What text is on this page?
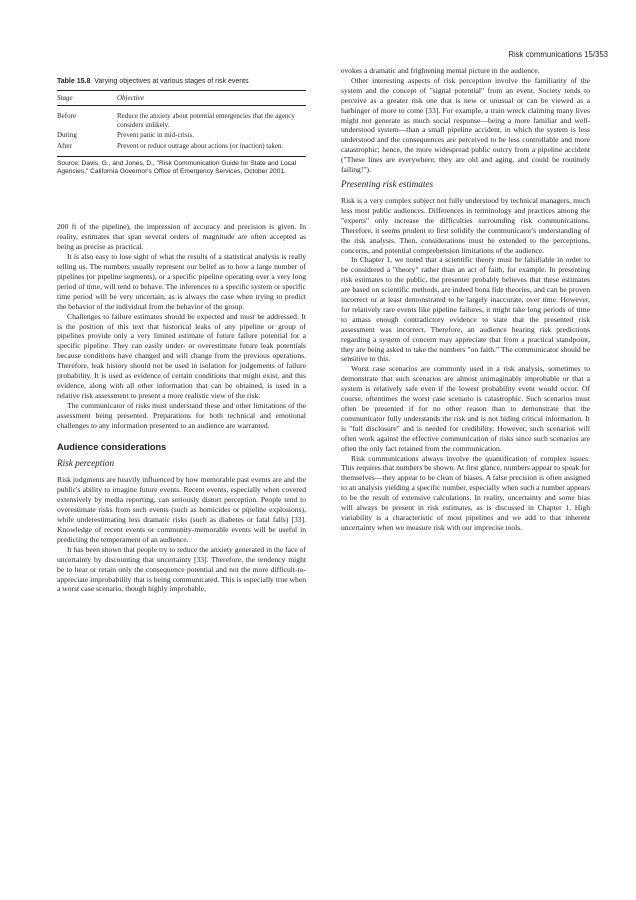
Risk communications 15/353
Table 15.8 Varying objectives at various stages of risk events
Stage	Objective
Before	Reduce the anxiety about potential emergencies that the agency considers unlikely.
During	Prevent panic in mid-crisis.
After	Prevent or reduce outrage about actions (or inaction) taken.
Source: Davis, G., and Jones, D., "Risk Communication Guide for State and Local Agencies," California Governor's Office of Emergency Services, October 2001.

200 ft of the pipeline), the impression of accuracy and precision is given. In reality, estimates that span several orders of magnitude are often accepted as being as precise as practical.

It is also easy to lose sight of what the results of a statistical analysis is really telling us. The numbers usually represent our belief as to how a large number of pipelines (or pipeline segments), or a specific pipeline operating over a very long period of time, will tend to behave. The inferences to a specific system or specific time period will be very uncertain, as is always the case when trying to predict the behavior of the individual from the behavior of the group.

Challenges to failure estimates should be expected and must be addressed. It is the position of this text that historical leaks of any pipeline or group of pipelines provide only a very limited estimate of future failure potential for a specific pipeline. They can easily under- or overestimate future leak potentials because conditions have changed and will change from the previous operations. Therefore, leak history should not be used in isolation for judgements of failure probability. It is used as evidence of certain conditions that might exist, and this evidence, along with all other information that can be obtained, is used in a relative risk assessment to present a more realistic view of the risk.

The communicator of risks must understand these and other limitations of the assessment being presented. Preparations for both technical and emotional challenges to any information presented to an audience are warranted.

Audience considerations
Risk perception

Risk judgments are heavily influenced by how memorable past events are and the public's ability to imagine future events. Recent events, especially when covered extensively by media reporting, can seriously distort perception. People tend to overestimate risks from such events (such as homicides or pipeline explosions), while underestimating less dramatic risks (such as diabetes or fatal falls) [33]. Knowledge of recent events or community-memorable events will be useful in predicting the temperament of an audience.

It has been shown that people try to reduce the anxiety generated in the face of uncertainty by discounting that uncertainty [33]. Therefore, the tendency might be to hear or retain only the consequence potential and not the more difficult-to-appreciate improbability that is being communicated. This is especially true when a worst case scenario, though highly improbable,

evokes a dramatic and frightening mental picture in the audience.

Other interesting aspects of risk perception involve the familiarity of the system and the concept of "signal potential" from an event. Society tends to perceive as a greater risk one that is new or unusual or can be viewed as a harbinger of more to come [33]. For example, a train wreck claiming many lives might not generate as much social response—being a more familiar and well-understood system—than a small pipeline accident, in which the system is less understood and the consequences are perceived to be less controllable and more catastrophic; hence, the more widespread public outcry from a pipeline accident ("These lines are everywhere, they are old and aging, and could be routinely failing!").

Presenting risk estimates

Risk is a very complex subject not fully understood by technical managers, much less most public audiences. Differences in terminology and practices among the "experts" only increase the difficulties surrounding risk communications. Therefore, it seems prudent to first solidify the communicator's understanding of the risk analysis. Then, considerations must be extended to the perceptions, concerns, and potential comprehension limitations of the audience.

In Chapter 1, we noted that a scientific theory must be falsifiable in order to be considered a "theory" rather than an act of faith, for example. In presenting risk estimates to the public, the presenter probably believes that these estimates are based on scientific methods, are indeed bona fide theories, and can be proven incorrect or at least demonstrated to be largely inaccurate, over time. However, for relatively rare events like pipeline failures, it might take long periods of time to amass enough contradictory evidence to state that the presented risk assessment was incorrect. Therefore, an audience hearing risk predictions regarding a system of concern may appreciate that from a practical standpoint, they are being asked to take the numbers "on faith." The communicator should be sensitive to this.

Worst case scenarios are commonly used in a risk analysis, sometimes to demonstrate that such scenarios are almost unimaginably improbable or that a system is relatively safe even if the lowest probability event would occur. Of course, oftentimes the worst case scenario is catastrophic. Such scenarios must often be presented if for no other reason than to demonstrate that the communicator fully understands the risk and is not hiding critical information. It is "full disclosure" and is needed for credibility. However, such scenarios will often work against the effective communication of risks since such scenarios are often the only fact retained from the communication.

Risk communications always involve the quantification of complex issues. This requires that numbers be shown. At first glance, numbers appear to speak for themselves—they appear to be clean of biases. A false precision is often assigned to an analysis yielding a specific number, especially when such a number appears to be the result of extensive calculations. In reality, uncertainty and some bias will always be present in risk estimates, as is discussed in Chapter 1. High variability is a characteristic of most pipelines and we add to that inherent uncertainty when we measure risk with our imprecise tools.
